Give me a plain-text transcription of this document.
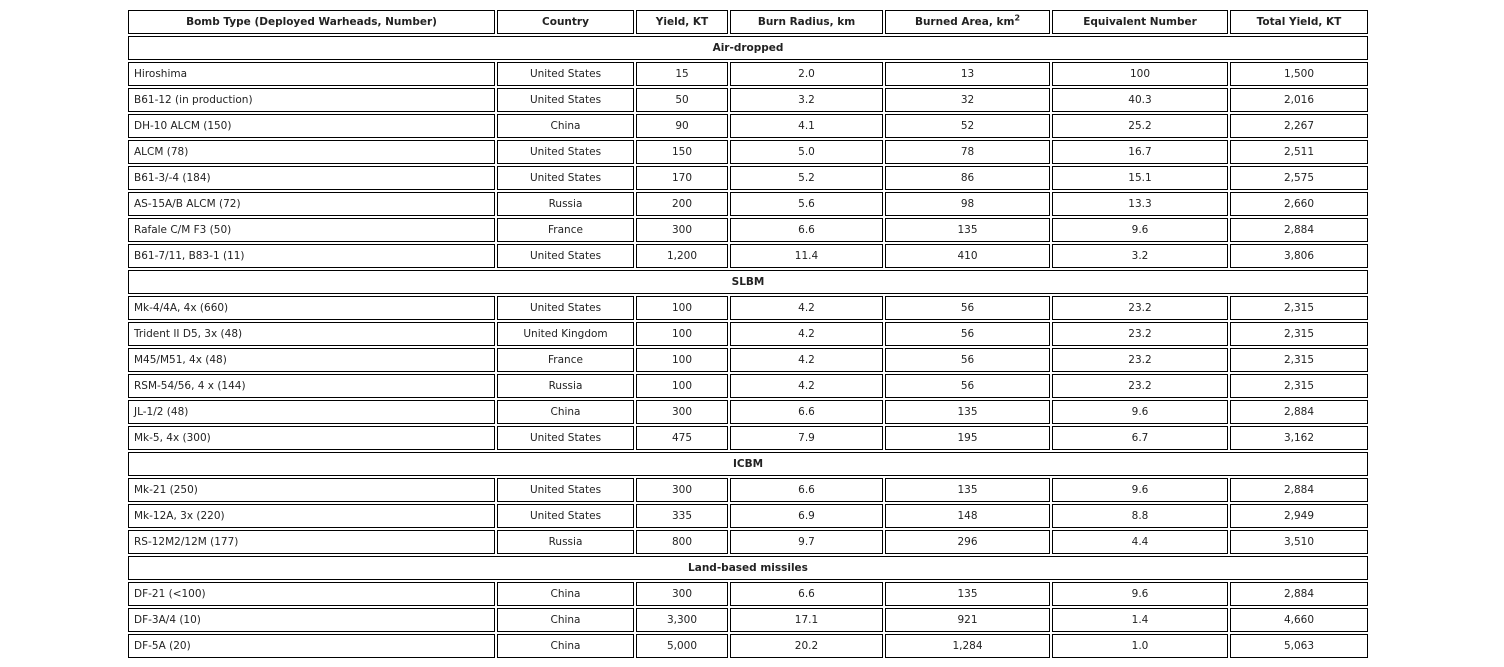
Bomb Type (Deployed Warheads, Number)	Country	Yield, KT	Burn Radius, km	Burned Area, $km^2$	Equivalent Number	Total Yield, KT
Air-dropped						
Hiroshima	United States	15	2.0	13	100	1,500
B61-12 (in production)	United States	50	3.2	32	40.3	2,016
DH-10 ALCM (150)	China	90	4.1	52	25.2	2,267
ALCM (78)	United States	150	5.0	78	16.7	2,511
B61-3/-4 (184)	United States	170	5.2	86	15.1	2,575
AS-15A/B ALCM (72)	Russia	200	5.6	98	13.3	2,660
Rafale C/M F3 (50)	France	300	6.6	135	9.6	2,884
B61-7/11, B83-1 (11)	United States	1,200	11.4	410	3.2	3,806
SLBM						
Mk-4/4A, 4x (660)	United States	100	4.2	56	23.2	2,315
Trident II D5, 3x (48)	United Kingdom	100	4.2	56	23.2	2,315
M45/M51, 4x (48)	France	100	4.2	56	23.2	2,315
RSM-54/56, 4 x (144)	Russia	100	4.2	56	23.2	2,315
JL-1/2 (48)	China	300	6.6	135	9.6	2,884
Mk-5, 4x (300)	United States	475	7.9	195	6.7	3,162
ICBM						
Mk-21 (250)	United States	300	6.6	135	9.6	2,884
Mk-12A, 3x (220)	United States	335	6.9	148	8.8	2,949
RS-12M2/12M (177)	Russia	800	9.7	296	4.4	3,510
Land-based missiles						
DF-21 (<100)	China	300	6.6	135	9.6	2,884
DF-3A/4 (10)	China	3,300	17.1	921	1.4	4,660
DF-5A (20)	China	5,000	20.2	1,284	1.0	5,063
